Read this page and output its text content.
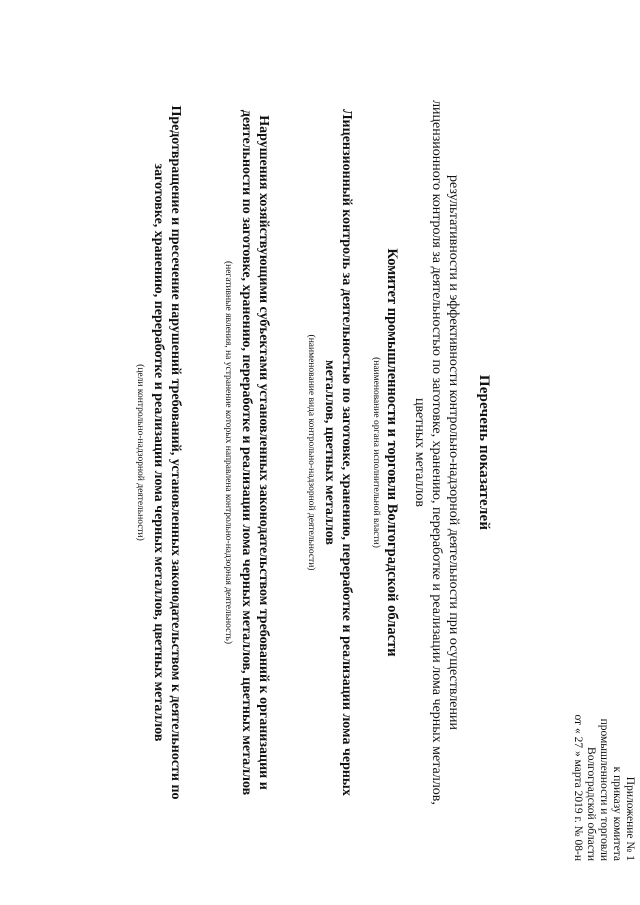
Приложение № 1
к приказу комитета
промышленности и торговли
Волгоградской области
от « 27 » марта 2019 г. № 08-н
Перечень показателей
результативности и эффективности контрольно-надзорной деятельности при осуществлении
лицензионного контроля за деятельностью по заготовке, хранению, переработке и реализации лома черных металлов,
цветных металлов
Комитет промышленности и торговли Волгоградской области
(наименование органа исполнительной власти)
Лицензионный контроль за деятельностью по заготовке, хранению, переработке и реализации лома черных
металлов, цветных металлов
(наименование вида контрольно-надзорной деятельности)
Нарушения хозяйствующими субъектами установленных законодательством требований к организации и
деятельности по заготовке, хранению, переработке и реализации лома черных металлов, цветных металлов
(негативные явления, на устранение которых направлена контрольно-надзорная деятельность)
Предотвращение и пресечение нарушений требований, установленных законодательством к деятельности по
заготовке, хранению, переработке и реализации лома черных металлов, цветных металлов
(цели контрольно-надзорной деятельности)
